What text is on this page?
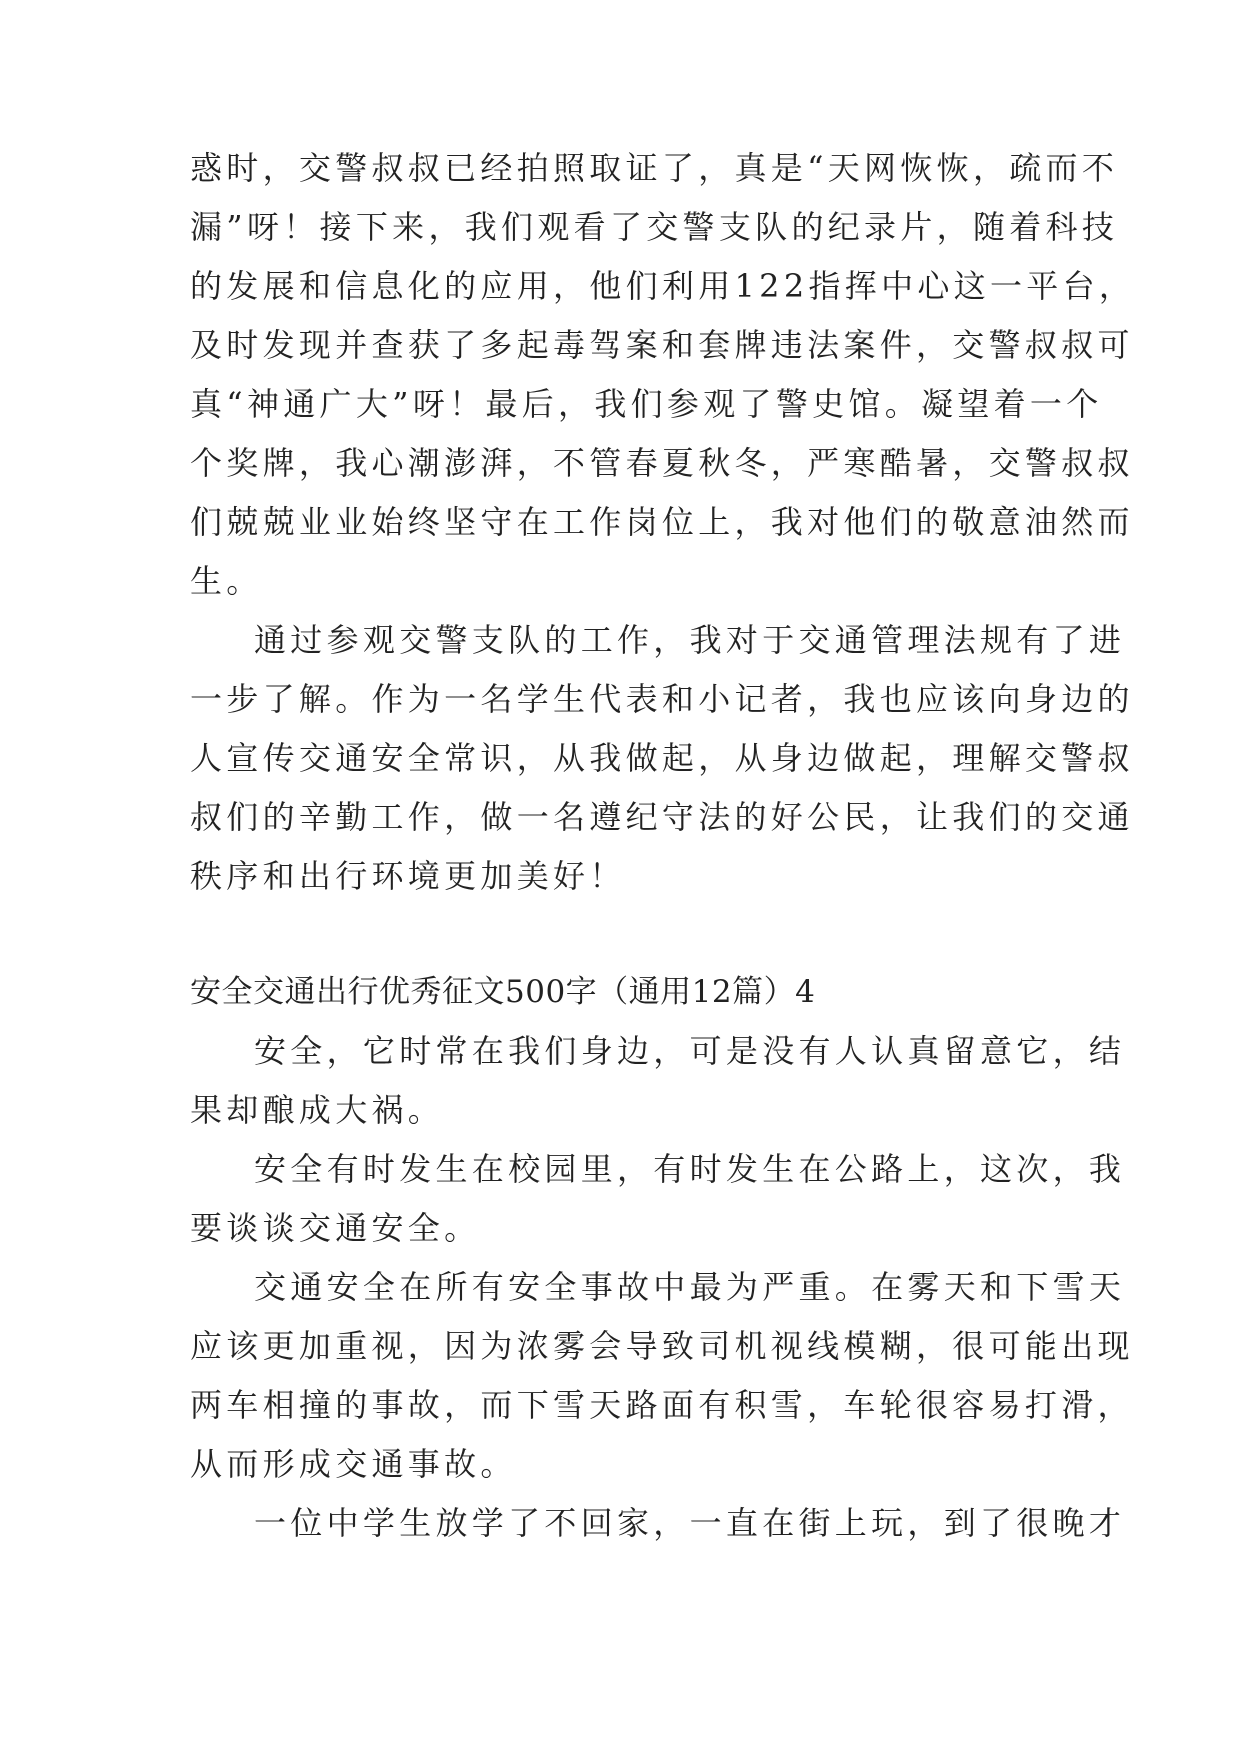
惑时，交警叔叔已经拍照取证了，真是“天网恢恢，疏而不
漏”呀！接下来，我们观看了交警支队的纪录片，随着科技
的发展和信息化的应用，他们利用122指挥中心这一平台，
及时发现并查获了多起毒驾案和套牌违法案件，交警叔叔可
真“神通广大”呀！最后，我们参观了警史馆。凝望着一个
个奖牌，我心潮澎湃，不管春夏秋冬，严寒酷暑，交警叔叔
们兢兢业业始终坚守在工作岗位上，我对他们的敬意油然而
生。
通过参观交警支队的工作，我对于交通管理法规有了进
一步了解。作为一名学生代表和小记者，我也应该向身边的
人宣传交通安全常识，从我做起，从身边做起，理解交警叔
叔们的辛勤工作，做一名遵纪守法的好公民，让我们的交通
秩序和出行环境更加美好！
安全交通出行优秀征文500字（通用12篇）4
安全，它时常在我们身边，可是没有人认真留意它，结
果却酿成大祸。
安全有时发生在校园里，有时发生在公路上，这次，我
要谈谈交通安全。
交通安全在所有安全事故中最为严重。在雾天和下雪天
应该更加重视，因为浓雾会导致司机视线模糊，很可能出现
两车相撞的事故，而下雪天路面有积雪，车轮很容易打滑，
从而形成交通事故。
一位中学生放学了不回家，一直在街上玩，到了很晚才
